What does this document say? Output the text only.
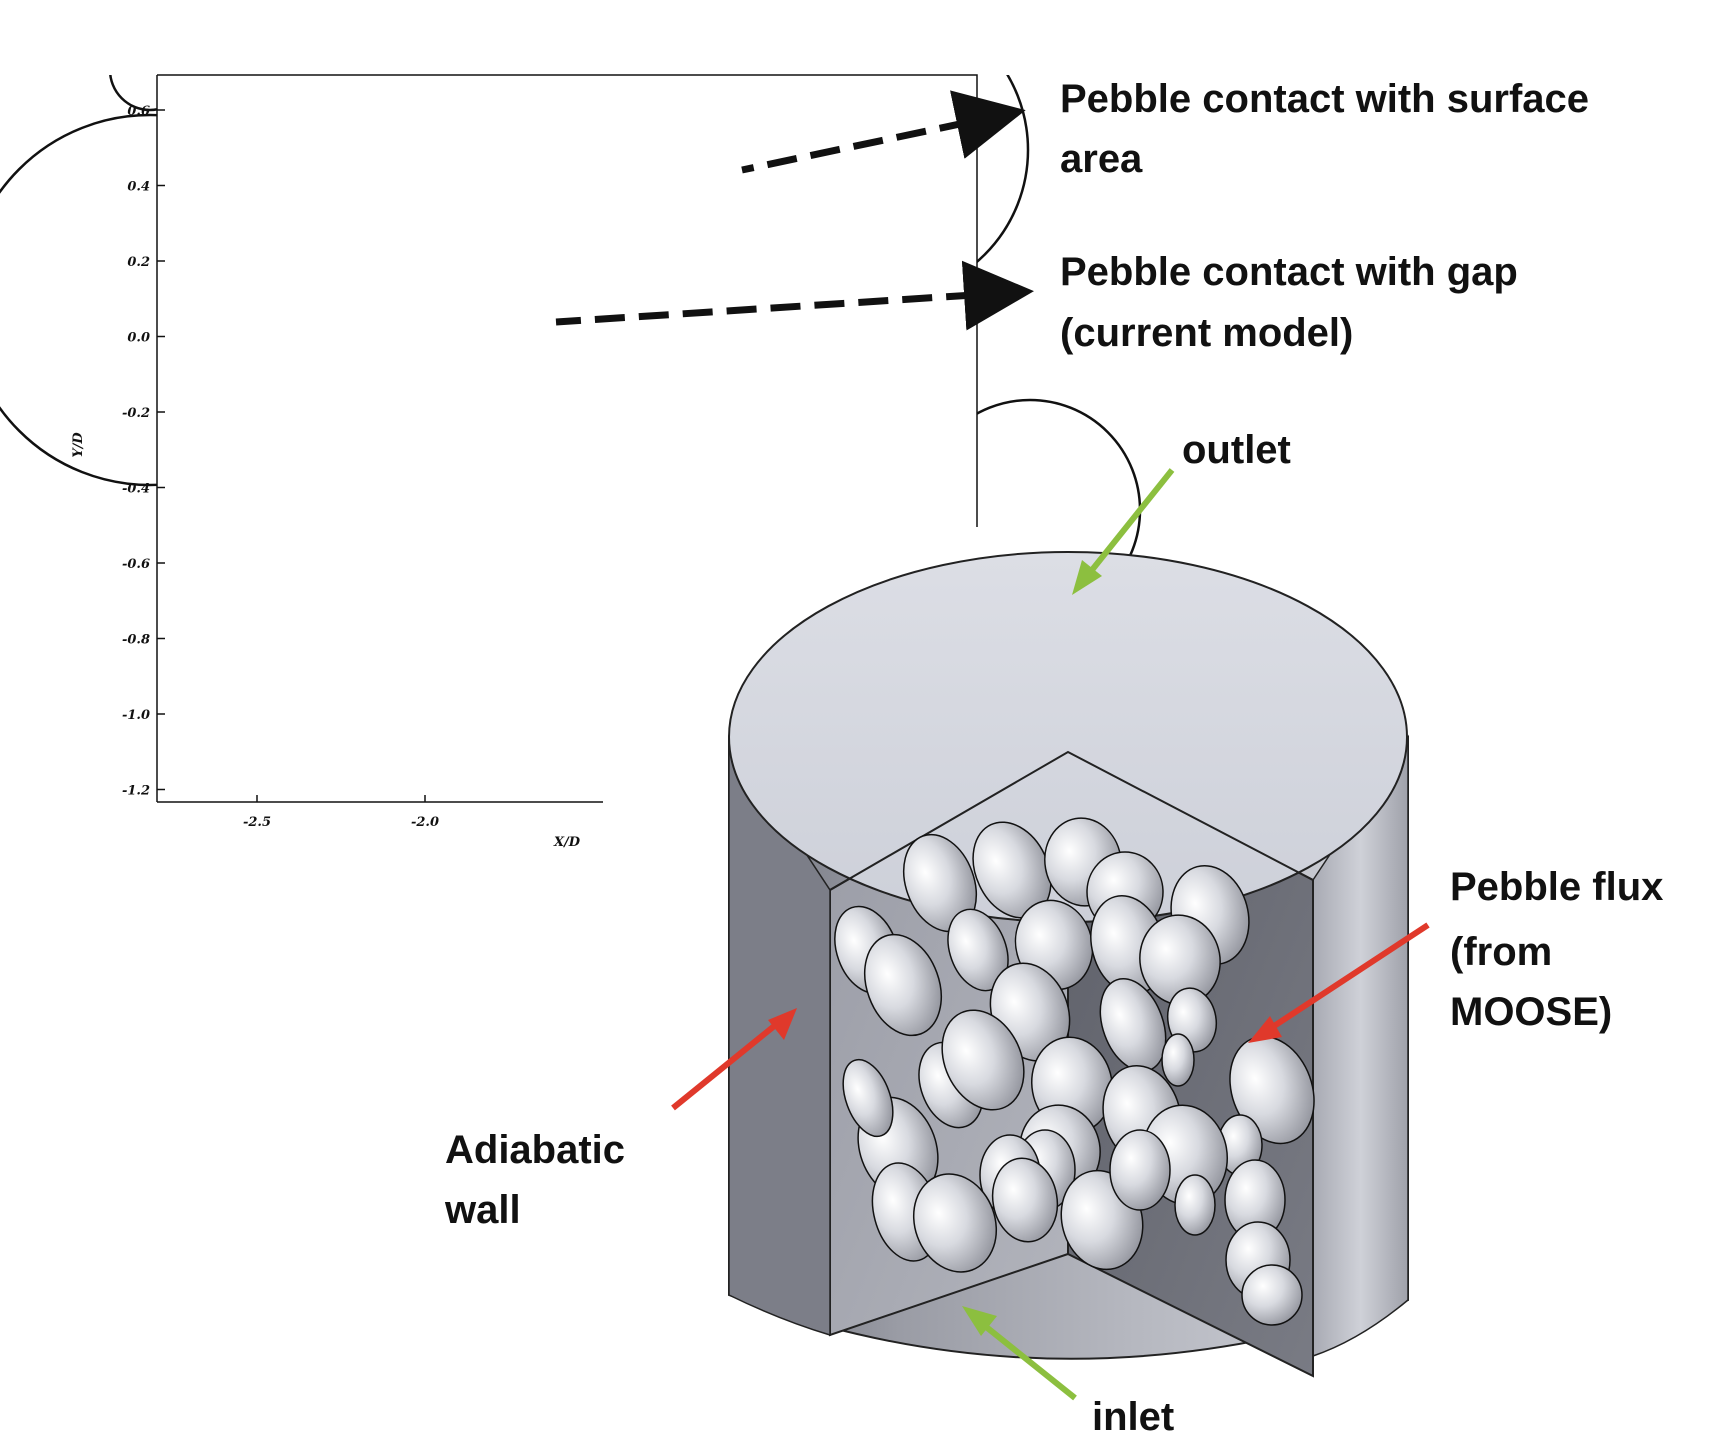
0.6
0.4
0.2
0.0
-0.2
-0.4
-0.6
-0.8
-1.0
-1.2
-2.5	-2.0
Y/D
X/D
Pebble contact with surface
area
Pebble contact with gap
(current model)
outlet
inlet
Pebble flux
(from
MOOSE)
Adiabatic
wall
